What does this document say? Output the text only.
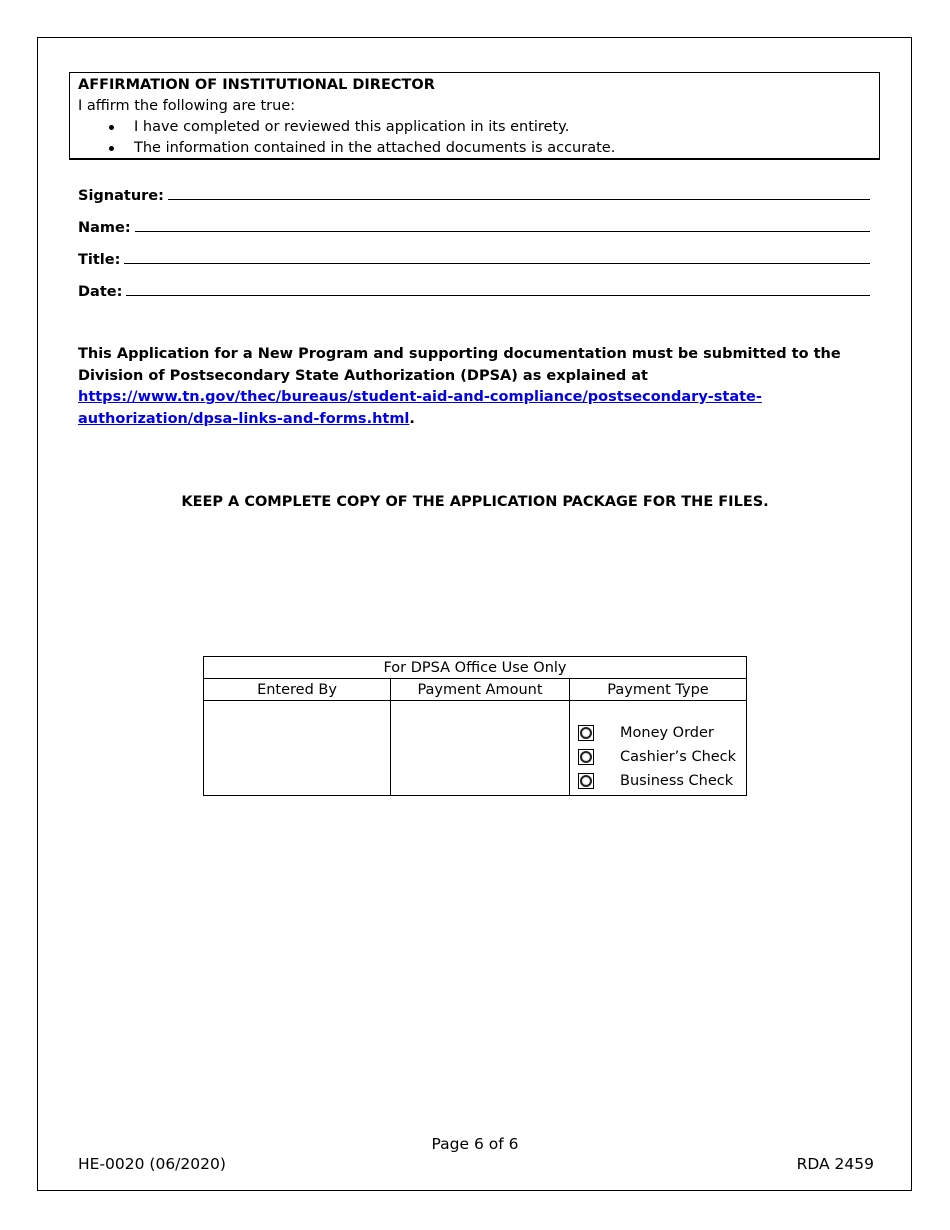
AFFIRMATION OF INSTITUTIONAL DIRECTOR
I affirm the following are true:
I have completed or reviewed this application in its entirety.
The information contained in the attached documents is accurate.
Signature:
Name:
Title:
Date:
This Application for a New Program and supporting documentation must be submitted to the Division of Postsecondary State Authorization (DPSA) as explained at https://www.tn.gov/thec/bureaus/student-aid-and-compliance/postsecondary-state-authorization/dpsa-links-and-forms.html.
KEEP A COMPLETE COPY OF THE APPLICATION PACKAGE FOR THE FILES.
For DPSA Office Use Only		
Entered By	Payment Amount	Payment Type

		Money Order
Cashier’s Check
Business Check
Page 6 of 6
HE-0020 (06/2020)	RDA 2459
